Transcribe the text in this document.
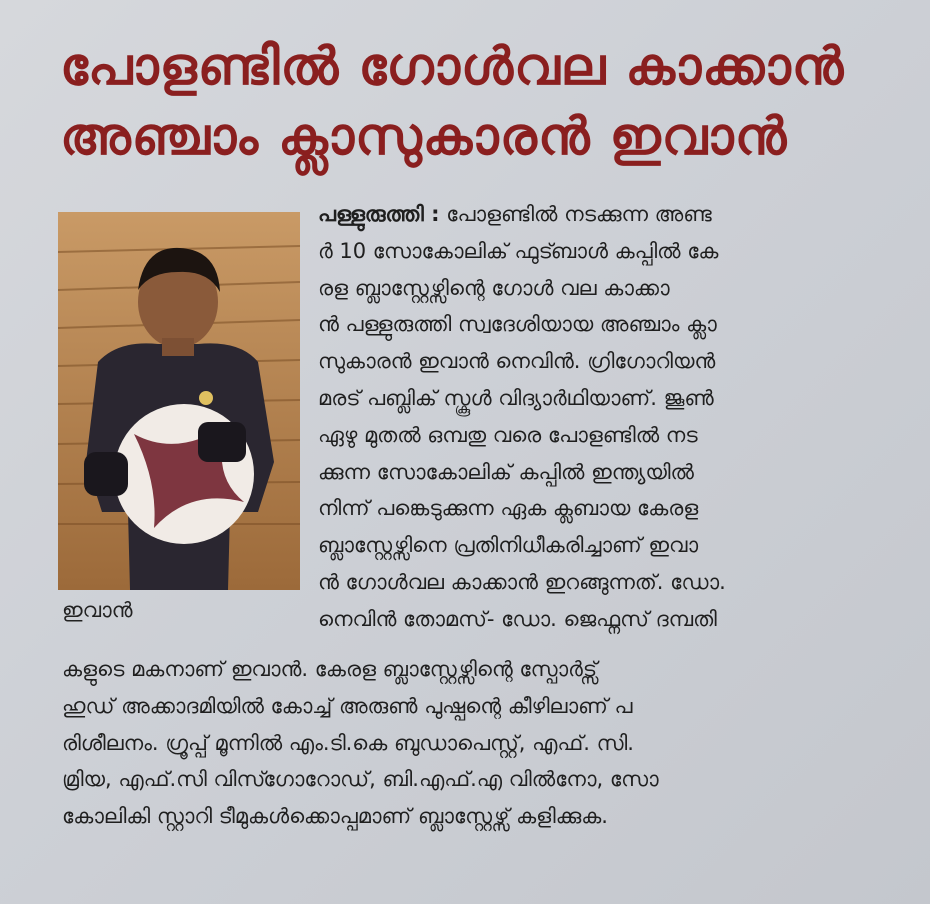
പോളണ്ടിൽ ഗോൾവല കാക്കാൻ
അഞ്ചാം ക്ലാസുകാരൻ ഇവാൻ
ഇവാൻ
പള്ളുരുത്തി : പോളണ്ടിൽ നടക്കുന്ന അണ്ട
ർ 10 സോകോലിക് ഫുട്ബാൾ കപ്പിൽ കേ
രള ബ്ലാസ്റ്റേഴ്സിന്റെ ഗോൾ വല കാക്കാ
ൻ പള്ളുരുത്തി സ്വദേശിയായ അഞ്ചാം ക്ലാ
സുകാരൻ ഇവാൻ നെവിൻ. ഗ്രിഗോറിയൻ
മരട് പബ്ലിക് സ്കൂൾ വിദ്യാർഥിയാണ്. ജൂൺ
ഏഴു മുതൽ ഒമ്പതു വരെ പോളണ്ടിൽ നട
ക്കുന്ന സോകോലിക് കപ്പിൽ ഇന്ത്യയിൽ
നിന്ന് പങ്കെടുക്കുന്ന ഏക ക്ലബായ കേരള
ബ്ലാസ്റ്റേഴ്സിനെ പ്രതിനിധീകരിച്ചാണ് ഇവാ
ൻ ഗോൾവല കാക്കാൻ ഇറങ്ങുന്നത്. ഡോ.
നെവിൻ തോമസ്- ഡോ. ജെഫ്നസ് ദമ്പതി
കളുടെ മകനാണ് ഇവാൻ. കേരള ബ്ലാസ്റ്റേഴ്സിന്റെ സ്പോർട്സ്
ഹുഡ് അക്കാദമിയിൽ കോച്ച് അരുൺ പുഷ്പന്റെ കീഴിലാണ് പ
രിശീലനം. ഗ്രൂപ്പ് മൂന്നിൽ എം.ടി.കെ ബുഡാപെസ്റ്റ്, എഫ്. സി.
മ്രിയ, എഫ്.സി വിസ്ഗോറോഡ്, ബി.എഫ്.എ വിൽനോ, സോ
കോലികി സ്റ്റാറി ടീമുകൾക്കൊപ്പമാണ് ബ്ലാസ്റ്റേഴ്സ് കളിക്കുക.
